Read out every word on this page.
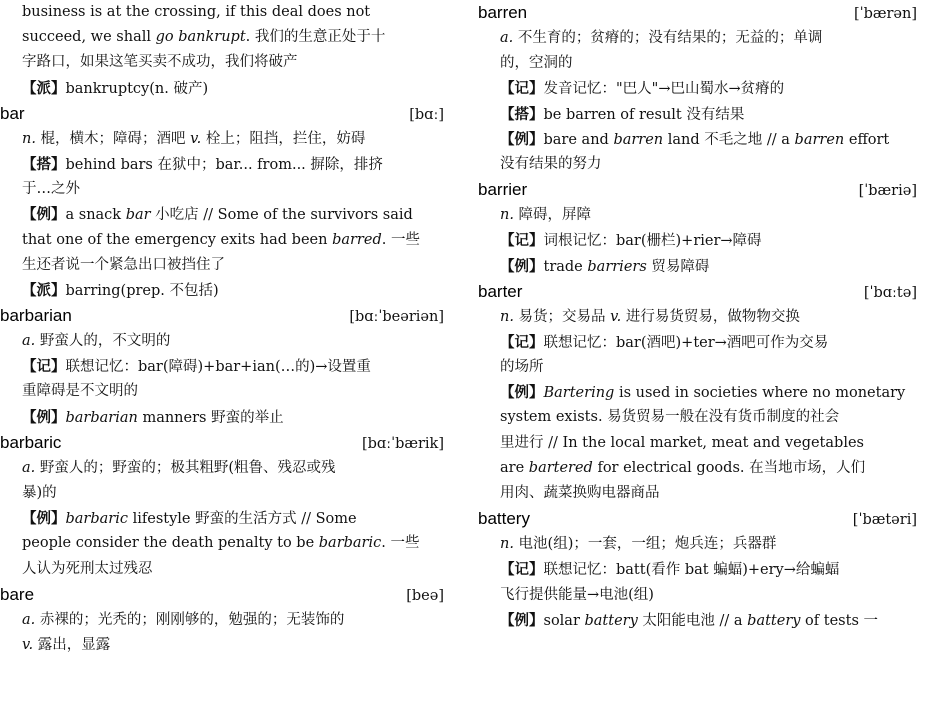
business is at the crossing, if this deal does not
succeed, we shall go bankrupt. 我们的生意正处于十
字路口，如果这笔买卖不成功，我们将破产
【派】bankruptcy(n. 破产)
bar	[bɑː]
n. 棍，横木；障碍；酒吧 v. 栓上；阻挡，拦住，妨碍
【搭】behind bars 在狱中；bar... from... 摒除，排挤
于…之外
【例】a snack bar 小吃店 // Some of the survivors said
that one of the emergency exits had been barred. 一些
生还者说一个紧急出口被挡住了
【派】barring(prep. 不包括)
barbarian	[bɑːˈbeəriən]
a. 野蛮人的，不文明的
【记】联想记忆：bar(障碍)+bar+ian(…的)→设置重
重障碍是不文明的
【例】barbarian manners 野蛮的举止
barbaric	[bɑːˈbærik]
a. 野蛮人的；野蛮的；极其粗野(粗鲁、残忍或残
暴)的
【例】barbaric lifestyle 野蛮的生活方式 // Some
people consider the death penalty to be barbaric. 一些
人认为死刑太过残忍
bare	[beə]
a. 赤裸的；光秃的；刚刚够的，勉强的；无装饰的
v. 露出，显露
barren	[ˈbærən]
a. 不生育的；贫瘠的；没有结果的；无益的；单调
的，空洞的
【记】发音记忆："巴人"→巴山蜀水→贫瘠的
【搭】be barren of result 没有结果
【例】bare and barren land 不毛之地 // a barren effort
没有结果的努力
barrier	[ˈbæriə]
n. 障碍，屏障
【记】词根记忆：bar(栅栏)+rier→障碍
【例】trade barriers 贸易障碍
barter	[ˈbɑːtə]
n. 易货；交易品 v. 进行易货贸易，做物物交换
【记】联想记忆：bar(酒吧)+ter→酒吧可作为交易
的场所
【例】Bartering is used in societies where no monetary
system exists. 易货贸易一般在没有货币制度的社会
里进行 // In the local market, meat and vegetables
are bartered for electrical goods. 在当地市场，人们
用肉、蔬菜换购电器商品
battery	[ˈbætəri]
n. 电池(组)；一套，一组；炮兵连；兵器群
【记】联想记忆：batt(看作 bat 蝙蝠)+ery→给蝙蝠
飞行提供能量→电池(组)
【例】solar battery 太阳能电池 // a battery of tests 一
